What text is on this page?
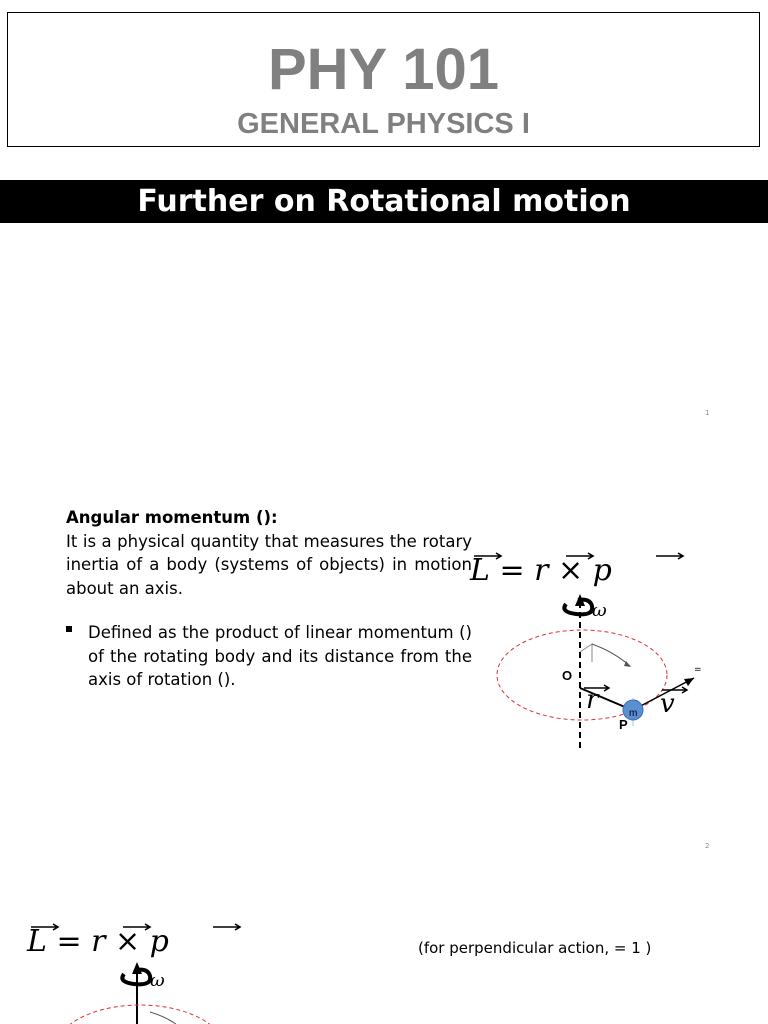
PHY 101
GENERAL PHYSICS I
Further on Rotational motion
1
Angular momentum ():
It is a physical quantity that measures the rotary inertia of a body (systems of objects) in motion about an axis.
Defined as the product of linear momentum () of the rotating body and its distance from the axis of rotation ().
L = r × p
ω
O
r v
=
m
P
2
L = r × p	(for perpendicular action, = 1 )
ω
